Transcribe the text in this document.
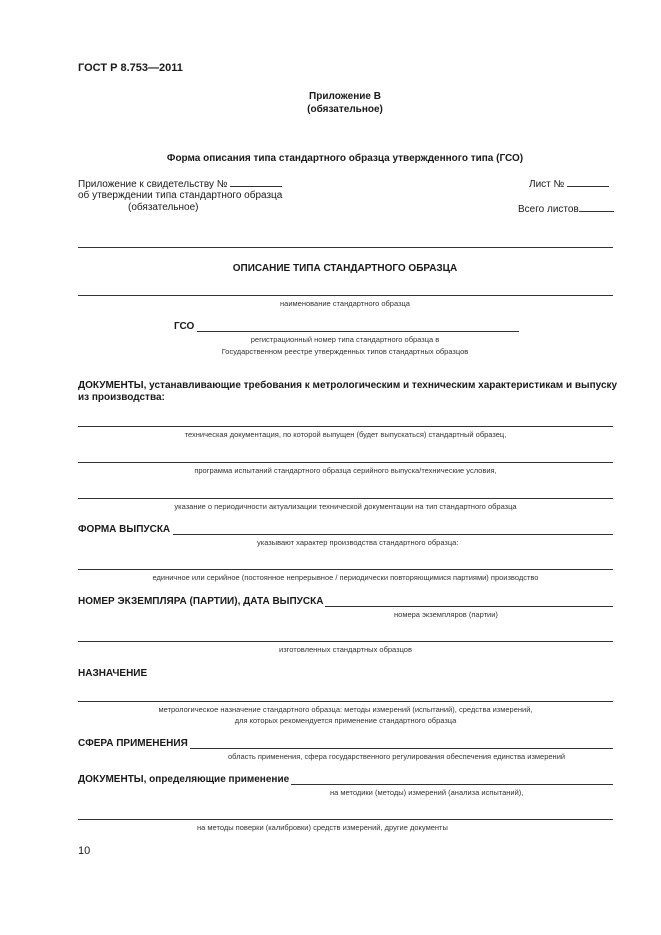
ГОСТ Р 8.753—2011
Приложение В
(обязательное)
Форма описания типа стандартного образца утвержденного типа (ГСО)
Приложение к свидетельству №
об утверждении типа стандартного образца
(обязательное)
Лист №
Всего листов
ОПИСАНИЕ ТИПА СТАНДАРТНОГО ОБРАЗЦА
наименование стандартного образца
ГСО
регистрационный номер типа стандартного образца в
Государственном реестре утвержденных типов стандартных образцов
ДОКУМЕНТЫ, устанавливающие требования к метрологическим и техническим характеристикам и выпуску
из производства:
техническая документация, по которой выпущен (будет выпускаться) стандартный образец,
программа испытаний стандартного образца серийного выпуска/технические условия,
указание о периодичности актуализации технической документации на тип стандартного образца
ФОРМА ВЫПУСКА
указывают характер производства стандартного образца:
единичное или серийное (постоянное непрерывное / периодически повторяющимися партиями) производство
НОМЕР ЭКЗЕМПЛЯРА (ПАРТИИ), ДАТА ВЫПУСКА
номера экземпляров (партии)
изготовленных стандартных образцов
НАЗНАЧЕНИЕ
метрологическое назначение стандартного образца: методы измерений (испытаний), средства измерений,
для которых рекомендуется применение стандартного образца
СФЕРА ПРИМЕНЕНИЯ
область применения, сфера государственного регулирования обеспечения единства измерений
ДОКУМЕНТЫ, определяющие применение
на методики (методы) измерений (анализа испытаний),
на методы поверки (калибровки) средств измерений, другие документы
10
